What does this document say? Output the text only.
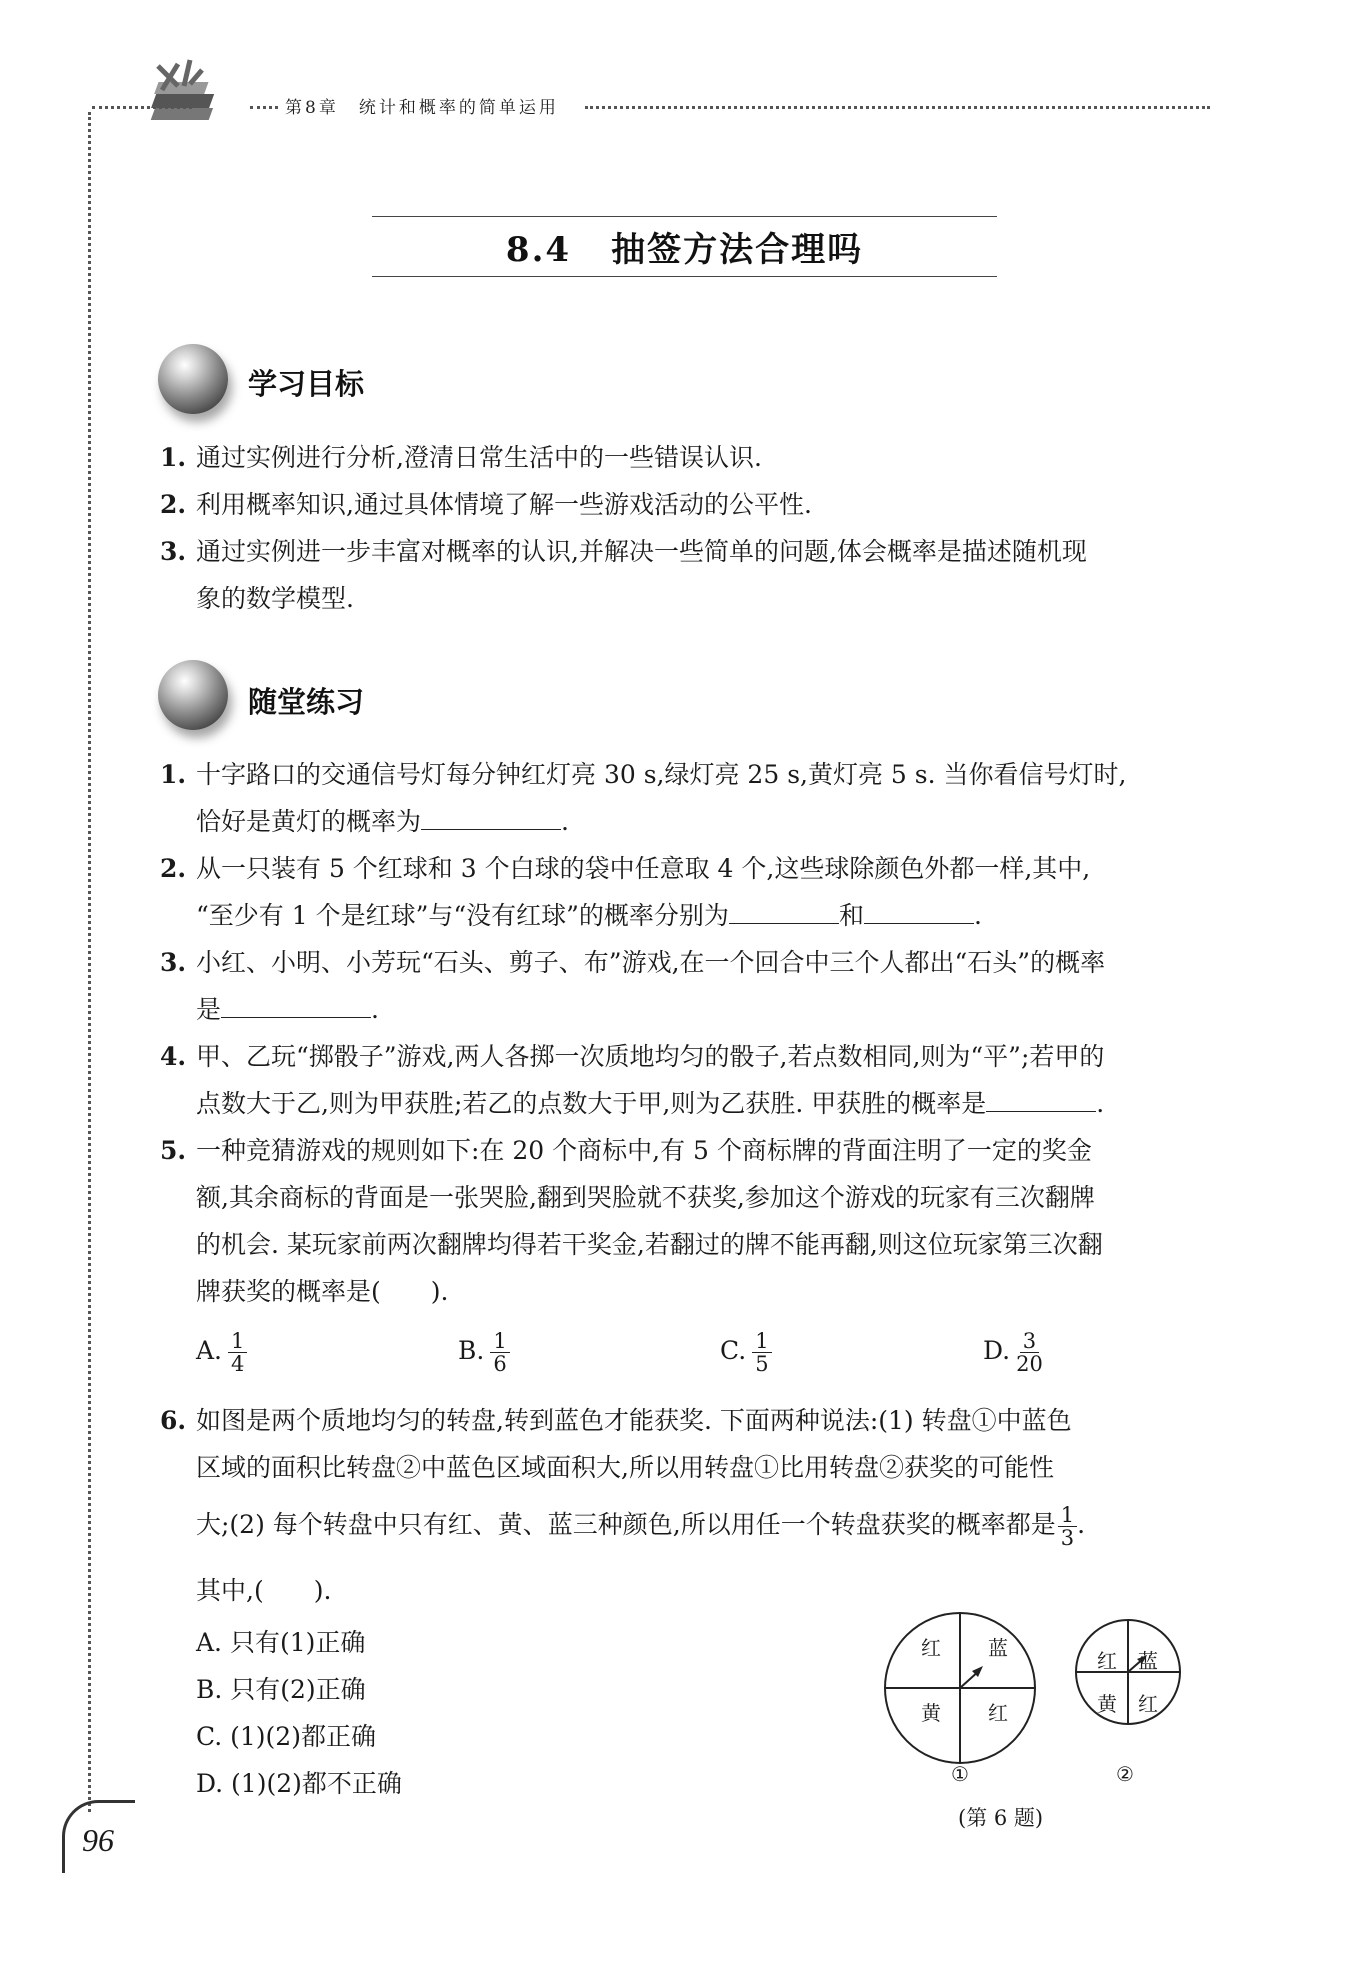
第8章　统计和概率的简单运用
8.4 抽签方法合理吗
学习目标
1. 通过实例进行分析,澄清日常生活中的一些错误认识.
2. 利用概率知识,通过具体情境了解一些游戏活动的公平性.
3. 通过实例进一步丰富对概率的认识,并解决一些简单的问题,体会概率是描述随机现
象的数学模型.
随堂练习
1. 十字路口的交通信号灯每分钟红灯亮 30 s,绿灯亮 25 s,黄灯亮 5 s. 当你看信号灯时,
恰好是黄灯的概率为	.
2. 从一只装有 5 个红球和 3 个白球的袋中任意取 4 个,这些球除颜色外都一样,其中,
“至少有 1 个是红球”与“没有红球”的概率分别为	和	.
3. 小红、小明、小芳玩“石头、剪子、布”游戏,在一个回合中三个人都出“石头”的概率
是	.
4. 甲、乙玩“掷骰子”游戏,两人各掷一次质地均匀的骰子,若点数相同,则为“平”;若甲的
点数大于乙,则为甲获胜;若乙的点数大于甲,则为乙获胜. 甲获胜的概率是	.
5. 一种竞猜游戏的规则如下:在 20 个商标中,有 5 个商标牌的背面注明了一定的奖金
额,其余商标的背面是一张哭脸,翻到哭脸就不获奖,参加这个游戏的玩家有三次翻牌
的机会. 某玩家前两次翻牌均得若干奖金,若翻过的牌不能再翻,则这位玩家第三次翻
牌获奖的概率是(　　).
A. $\frac{1}{4}$	B. $\frac{1}{6}$	C. $\frac{1}{5}$	D. $\frac{3}{20}$
6. 如图是两个质地均匀的转盘,转到蓝色才能获奖. 下面两种说法:(1) 转盘①中蓝色
区域的面积比转盘②中蓝色区域面积大,所以用转盘①比用转盘②获奖的可能性
大;(2) 每个转盘中只有红、黄、蓝三种颜色,所以用任一个转盘获奖的概率都是 $\frac{1}{3}$ .
其中,(　　).
A. 只有(1)正确
B. 只有(2)正确
C. (1)(2)都正确
D. (1)(2)都不正确
红 蓝
黄 红
红 蓝
黄 红
①	②
(第 6 题)
96
